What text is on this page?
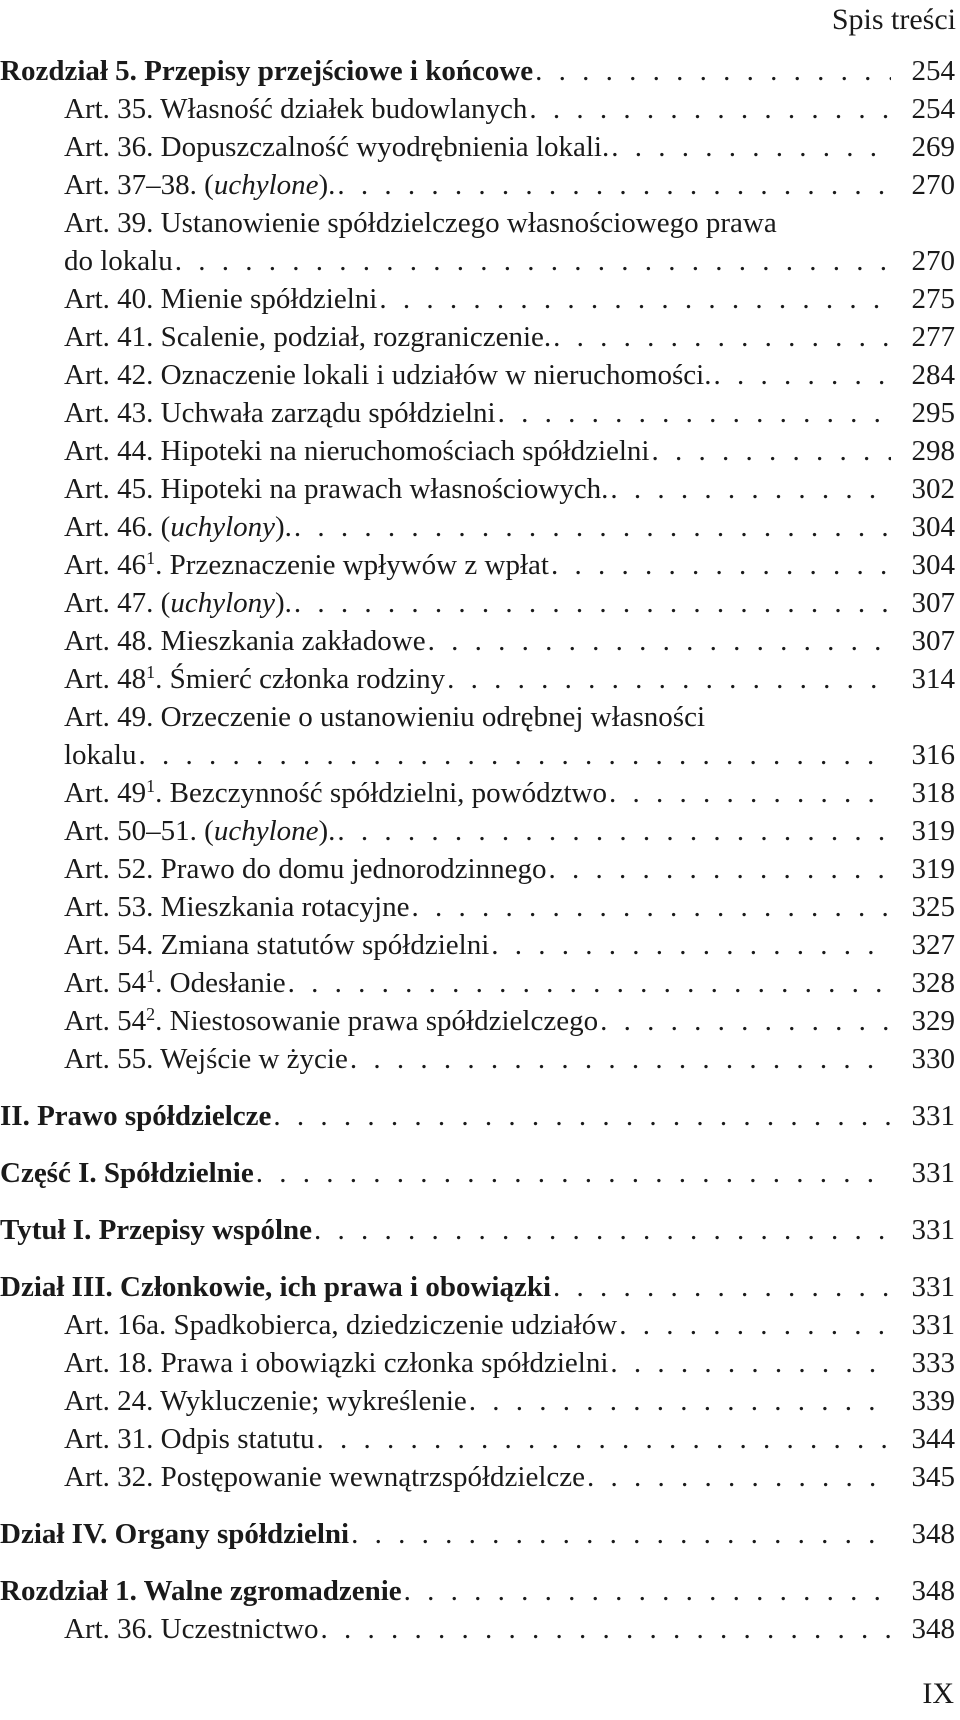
Spis treści
Rozdział 5. Przepisy przejściowe i końcowe . . .	254
Art. 35. Własność działek budowlanych . . .	254
Art. 36. Dopuszczalność wyodrębnienia lokali. . . .	269
Art. 37–38. (uchylone). . . .	270
Art. 39. Ustanowienie spółdzielczego własnościowego prawa
do lokalu . . .	270
Art. 40. Mienie spółdzielni . . .	275
Art. 41. Scalenie, podział, rozgraniczenie. . . .	277
Art. 42. Oznaczenie lokali i udziałów w nieruchomości. . . .	284
Art. 43. Uchwała zarządu spółdzielni . . .	295
Art. 44. Hipoteki na nieruchomościach spółdzielni . . .	298
Art. 45. Hipoteki na prawach własnościowych. . . .	302
Art. 46. (uchylony). . . .	304
Art. $46^1$. Przeznaczenie wpływów z wpłat . . .	304
Art. 47. (uchylony). . . .	307
Art. 48. Mieszkania zakładowe . . .	307
Art. $48^1$. Śmierć członka rodziny . . .	314
Art. 49. Orzeczenie o ustanowieniu odrębnej własności
lokalu . . .	316
Art. $49^1$. Bezczynność spółdzielni, powództwo . . .	318
Art. 50–51. (uchylone). . . .	319
Art. 52. Prawo do domu jednorodzinnego . . .	319
Art. 53. Mieszkania rotacyjne . . .	325
Art. 54. Zmiana statutów spółdzielni . . .	327
Art. $54^1$. Odesłanie . . .	328
Art. $54^2$. Niestosowanie prawa spółdzielczego . . .	329
Art. 55. Wejście w życie . . .	330
II. Prawo spółdzielcze . . .	331
Część I. Spółdzielnie . . .	331
Tytuł I. Przepisy wspólne . . .	331
Dział III. Członkowie, ich prawa i obowiązki . . .	331
Art. 16a. Spadkobierca, dziedziczenie udziałów . . .	331
Art. 18. Prawa i obowiązki członka spółdzielni . . .	333
Art. 24. Wykluczenie; wykreślenie . . .	339
Art. 31. Odpis statutu . . .	344
Art. 32. Postępowanie wewnątrzspółdzielcze . . .	345
Dział IV. Organy spółdzielni . . .	348
Rozdział 1. Walne zgromadzenie . . .	348
Art. 36. Uczestnictwo . . .	348
IX
